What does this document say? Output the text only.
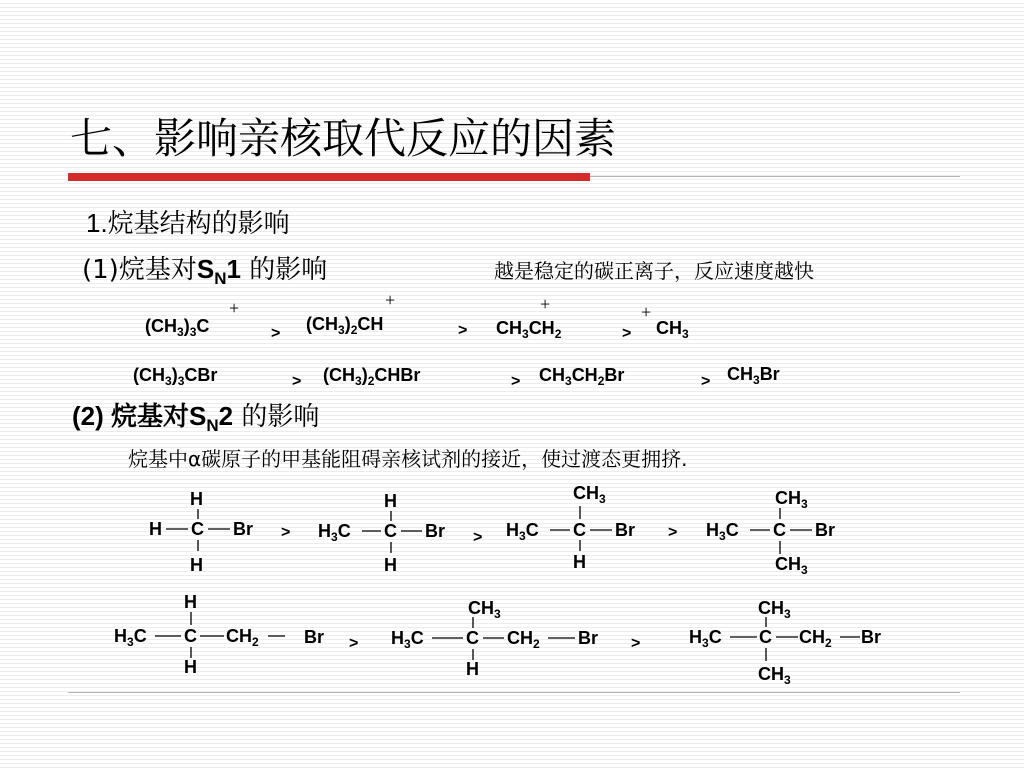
七、影响亲核取代反应的因素
1.烷基结构的影响
(1)烷基对$S_N1$ 的影响	越是稳定的碳正离子，反应速度越快
$(CH_3)_3C$
+
> $(CH_3)_2CH$
+
> $CH_3CH_2$
+
> $CH_3$
+
$(CH_3)_3CBr$	> $(CH_3)_2CHBr$	> $CH_3CH_2Br$	> $CH_3Br$
(2) 烷基对$S_N2$ 的影响
烷基中α碳原子的甲基能阻碍亲核试剂的接近，使过渡态更拥挤.
H
H C Br
H
>
H
$H_3C$ C Br
H
>
$CH_3$
$H_3C$ C Br
H
>
$CH_3$
$H_3C$ C Br
$CH_3$
H
$H_3C$ C $CH_2$	Br
H
>
$CH_3$
$H_3C$ C $CH_2$ Br
H
>
$CH_3$
$H_3C$ C $CH_2$ Br
$CH_3$
